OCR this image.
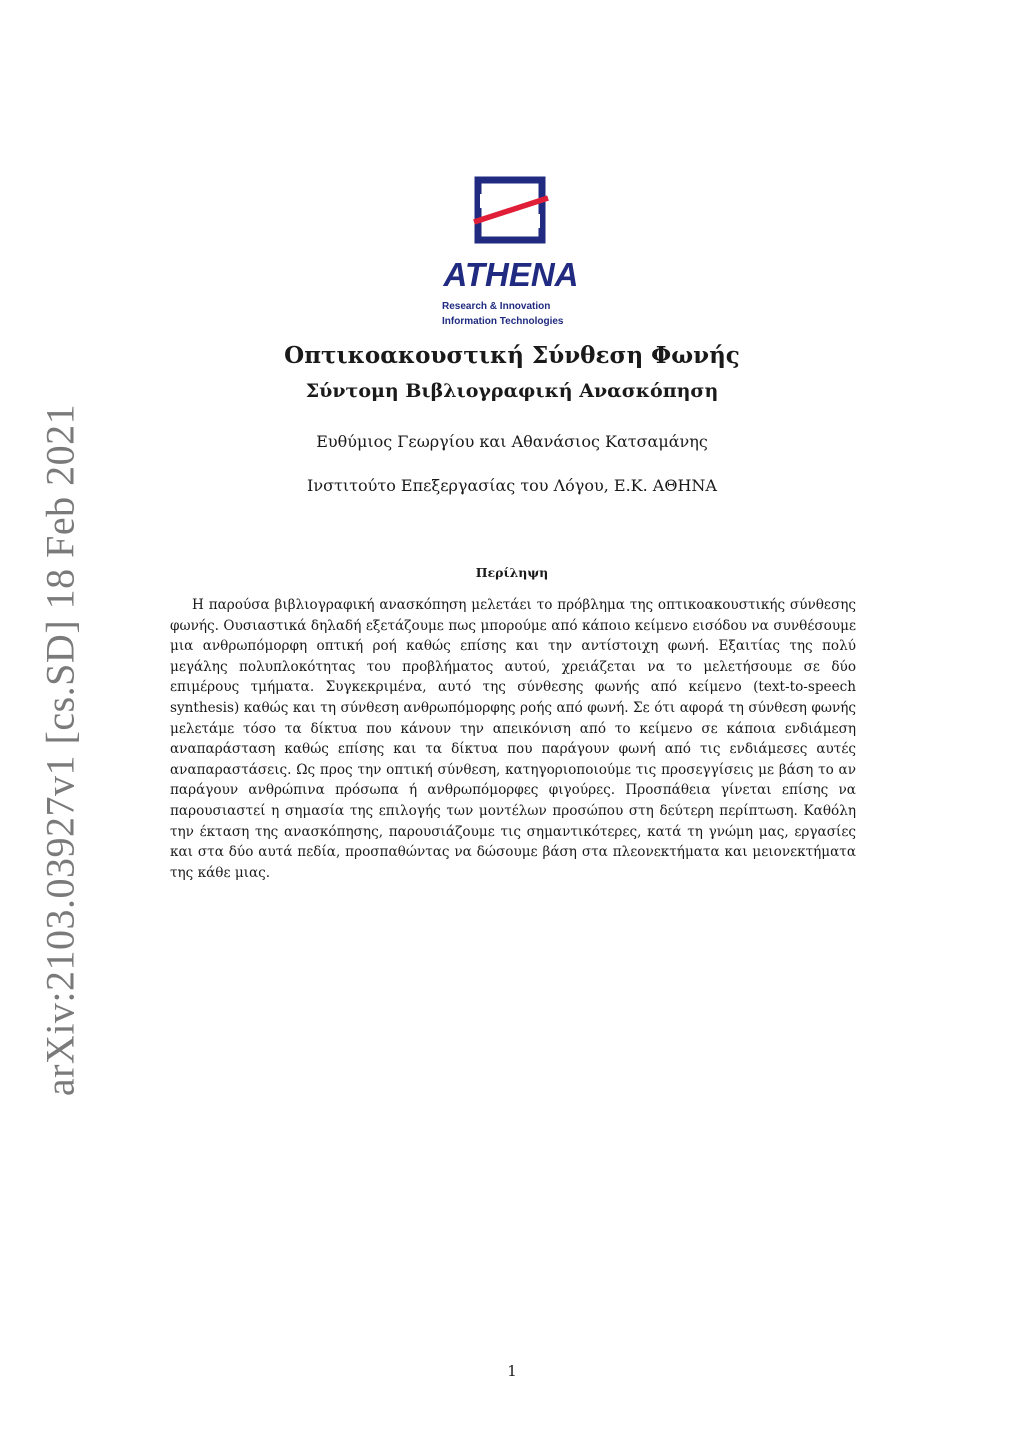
arXiv:2103.03927v1 [cs.SD] 18 Feb 2021
ATHENA
Research & Innovation
Information Technologies
Οπτικοακουστική Σύνθεση Φωνής
Σύντομη Βιβλιογραφική Ανασκόπηση

Ευθύμιος Γεωργίου και Αθανάσιος Κατσαμάνης

Ινστιτούτο Επεξεργασίας του Λόγου, Ε.Κ. ΑΘΗΝΑ

Περίληψη

Η παρούσα βιβλιογραφική ανασκόπηση μελετάει το πρόβλημα της οπτικοακουστικής σύνθεσης φωνής. Ουσιαστικά δηλαδή εξετάζουμε πως μπορούμε από κάποιο κείμενο εισόδου να συνθέσουμε μια ανθρωπόμορφη οπτική ροή καθώς επίσης και την αντίστοιχη φωνή. Εξαιτίας της πολύ μεγάλης πολυπλοκότητας του προβλήματος αυτού, χρειάζεται να το μελετήσουμε σε δύο επιμέρους τμήματα. Συγκεκριμένα, αυτό της σύνθεσης φωνής από κείμενο (text-to-speech synthesis) καθώς και τη σύνθεση ανθρωπόμορφης ροής από φωνή. Σε ότι αφορά τη σύνθεση φωνής μελετάμε τόσο τα δίκτυα που κάνουν την απεικόνιση από το κείμενο σε κάποια ενδιάμεση αναπαράσταση καθώς επίσης και τα δίκτυα που παράγουν φωνή από τις ενδιάμεσες αυτές αναπαραστάσεις. Ως προς την οπτική σύνθεση, κατηγοριοποιούμε τις προσεγγίσεις με βάση το αν παράγουν ανθρώπινα πρόσωπα ή ανθρωπόμορφες φιγούρες. Προσπάθεια γίνεται επίσης να παρουσιαστεί η σημασία της επιλογής των μοντέλων προσώπου στη δεύτερη περίπτωση. Καθόλη την έκταση της ανασκόπησης, παρουσιάζουμε τις σημαντικότερες, κατά τη γνώμη μας, εργασίες και στα δύο αυτά πεδία, προσπαθώντας να δώσουμε βάση στα πλεονεκτήματα και μειονεκτήματα της κάθε μιας.

1
